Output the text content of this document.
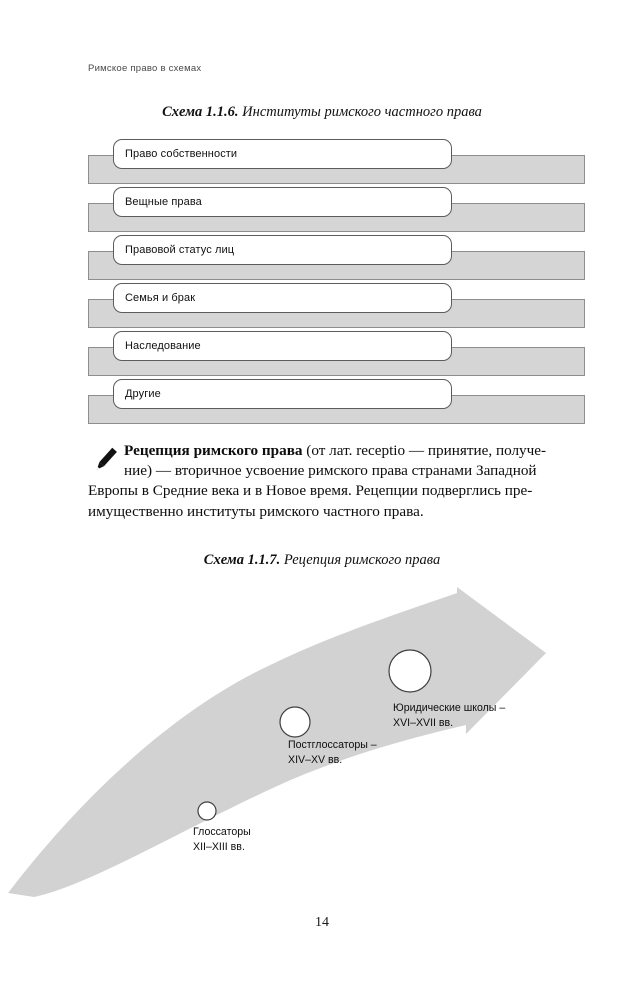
Римское право в схемах
Схема 1.1.6. Институты римского частного права
Право собственности
Вещные права
Правовой статус лиц
Семья и брак
Наследование
Другие
Рецепция римского права (от лат. receptio — принятие, получе-
ние) — вторичное усвоение римского права странами Западной
Европы в Средние века и в Новое время. Рецепции подверглись пре-
имущественно институты римского частного права.
Схема 1.1.7. Рецепция римского права
Глоссаторы
XII–XIII вв.
Постглоссаторы –
XIV–XV вв.
Юридические школы –
XVI–XVII вв.
14
